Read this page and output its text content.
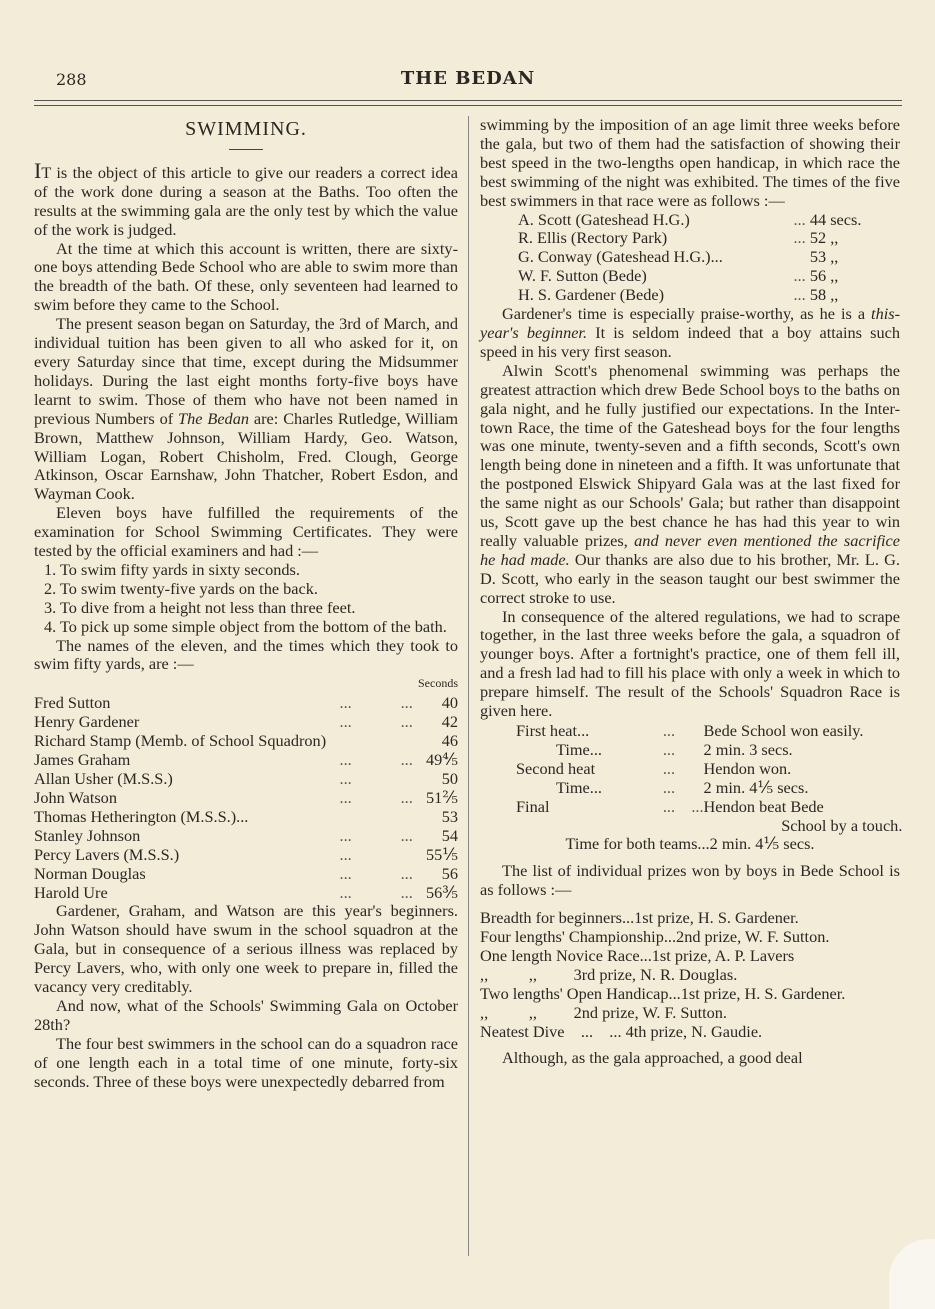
288	THE BEDAN
SWIMMING.

IT is the object of this article to give our readers a correct idea of the work done during a season at the Baths. Too often the results at the swimming gala are the only test by which the value of the work is judged.

At the time at which this account is written, there are sixty-one boys attending Bede School who are able to swim more than the breadth of the bath. Of these, only seventeen had learned to swim before they came to the School.

The present season began on Saturday, the 3rd of March, and individual tuition has been given to all who asked for it, on every Saturday since that time, except during the Midsummer holidays. During the last eight months forty-five boys have learnt to swim. Those of them who have not been named in previous Numbers of The Bedan are: Charles Rutledge, William Brown, Matthew Johnson, William Hardy, Geo. Watson, William Logan, Robert Chisholm, Fred. Clough, George Atkinson, Oscar Earnshaw, John Thatcher, Robert Esdon, and Wayman Cook.

Eleven boys have fulfilled the requirements of the examination for School Swimming Certificates. They were tested by the official examiners and had :—

1. To swim fifty yards in sixty seconds.
2. To swim twenty-five yards on the back.
3. To dive from a height not less than three feet.
4. To pick up some simple object from the bottom of the bath.

The names of the eleven, and the times which they took to swim fifty yards, are :—

		Seconds
Fred Sutton	...            ...	40
Henry Gardener	...            ...	42
Richard Stamp (Memb. of School Squadron)		46
James Graham	...            ...	49⅘
Allan Usher (M.S.S.)	...	50
John Watson	...            ...	51⅖
Thomas Hetherington (M.S.S.)...		53
Stanley Johnson	...            ...	54
Percy Lavers (M.S.S.)	...	55⅕
Norman Douglas	...            ...	56
Harold Ure	...            ...	56⅗

Gardener, Graham, and Watson are this year's beginners. John Watson should have swum in the school squadron at the Gala, but in consequence of a serious illness was replaced by Percy Lavers, who, with only one week to prepare in, filled the vacancy very creditably.

And now, what of the Schools' Swimming Gala on October 28th?

The four best swimmers in the school can do a squadron race of one length each in a total time of one minute, forty-six seconds. Three of these boys were unexpectedly debarred from

swimming by the imposition of an age limit three weeks before the gala, but two of them had the satisfaction of showing their best speed in the two-lengths open handicap, in which race the best swimming of the night was exhibited. The times of the five best swimmers in that race were as follows :—

A. Scott (Gateshead H.G.)	...	44 secs.
R. Ellis (Rectory Park)	...	52 ,,
G. Conway (Gateshead H.G.)...		53 ,,
W. F. Sutton (Bede)	...	56 ,,
H. S. Gardener (Bede)	...	58 ,,

Gardener's time is especially praise-worthy, as he is a this-year's beginner. It is seldom indeed that a boy attains such speed in his very first season.

Alwin Scott's phenomenal swimming was perhaps the greatest attraction which drew Bede School boys to the baths on gala night, and he fully justified our expectations. In the Inter-town Race, the time of the Gateshead boys for the four lengths was one minute, twenty-seven and a fifth seconds, Scott's own length being done in nineteen and a fifth. It was unfortunate that the postponed Elswick Shipyard Gala was at the last fixed for the same night as our Schools' Gala; but rather than disappoint us, Scott gave up the best chance he has had this year to win really valuable prizes, and never even mentioned the sacrifice he had made. Our thanks are also due to his brother, Mr. L. G. D. Scott, who early in the season taught our best swimmer the correct stroke to use.

In consequence of the altered regulations, we had to scrape together, in the last three weeks before the gala, a squadron of younger boys. After a fortnight's practice, one of them fell ill, and a fresh lad had to fill his place with only a week in which to prepare himself. The result of the Schools' Squadron Race is given here.

First heat...	...	Bede School won easily.
Time...	...	2 min. 3 secs.
Second heat	...	Hendon won.
Time...	...	2 min. 4⅕ secs.
Final	...    ...	Hendon beat Bede
		School by a touch.

Time for both teams...2 min. 4⅕ secs.

The list of individual prizes won by boys in Bede School is as follows :—

Breadth for beginners...1st prize, H. S. Gardener.
Four lengths' Championship...2nd prize, W. F. Sutton.
One length Novice Race...1st prize, A. P. Lavers
,,          ,,         3rd prize, N. R. Douglas.
Two lengths' Open Handicap...1st prize, H. S. Gardener.
,,          ,,         2nd prize, W. F. Sutton.
Neatest Dive    ...    ... 4th prize, N. Gaudie.

Although, as the gala approached, a good deal
